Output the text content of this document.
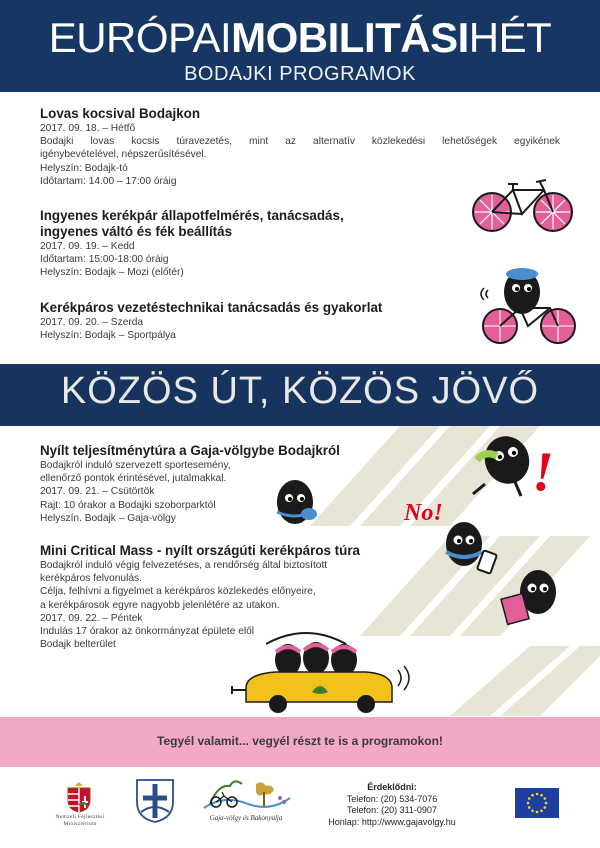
EURÓPAIMOBILITÁSIHÉT
BODAJKI PROGRAMOK
Lovas kocsival Bodajkon
2017. 09. 18. – Hétfő
Bodajki lovas kocsis túravezetés, mint az alternatív közlekedési lehetőségek egyikének
igénybevételével, népszerűsítésével.
Helyszín: Bodajk-tó
Időtartam: 14.00 – 17:00 óráig
Ingyenes kerékpár állapotfelmérés, tanácsadás,
ingyenes váltó és fék beállítás
2017. 09. 19. – Kedd
Időtartam: 15:00-18:00 óráig
Helyszín: Bodajk – Mozi (előtér)
Kerékpáros vezetéstechnikai tanácsadás és gyakorlat
2017. 09. 20. – Szerda
Helyszín: Bodajk – Sportpálya
KÖZÖS ÚT, KÖZÖS JÖVŐ
Nyílt teljesítménytúra a Gaja-völgybe Bodajkról
Bodajkról induló szervezett sportesemény,
ellenőrző pontok érintésével, jutalmakkal.
2017. 09. 21. – Csütörtök
Rajt: 10 órakor a Bodajki szoborparktól
Helyszín. Bodajk – Gaja-völgy
Mini Critical Mass - nyílt országúti kerékpáros túra
Bodajkról induló végig felvezetéses, a rendőrség által biztosított
kerékpáros felvonulás.
Célja, felhívni a figyelmet a kerékpáros közlekedés előnyeire,
a kerékpárosok egyre nagyobb jelenlétére az utakon.
2017. 09. 22. – Péntek
Indulás 17 órakor az önkormányzat épülete elől
Bodajk belterület
!
No!
Tegyél valamit... vegyél részt te is a programokon!
Nemzeti Fejlesztési
Minisztérium
Gaja-völgy és Bakonyalja
Érdeklődni:
Telefon: (20) 534-7076
Telefon: (20) 311-0907
Honlap: http://www.gajavolgy.hu
